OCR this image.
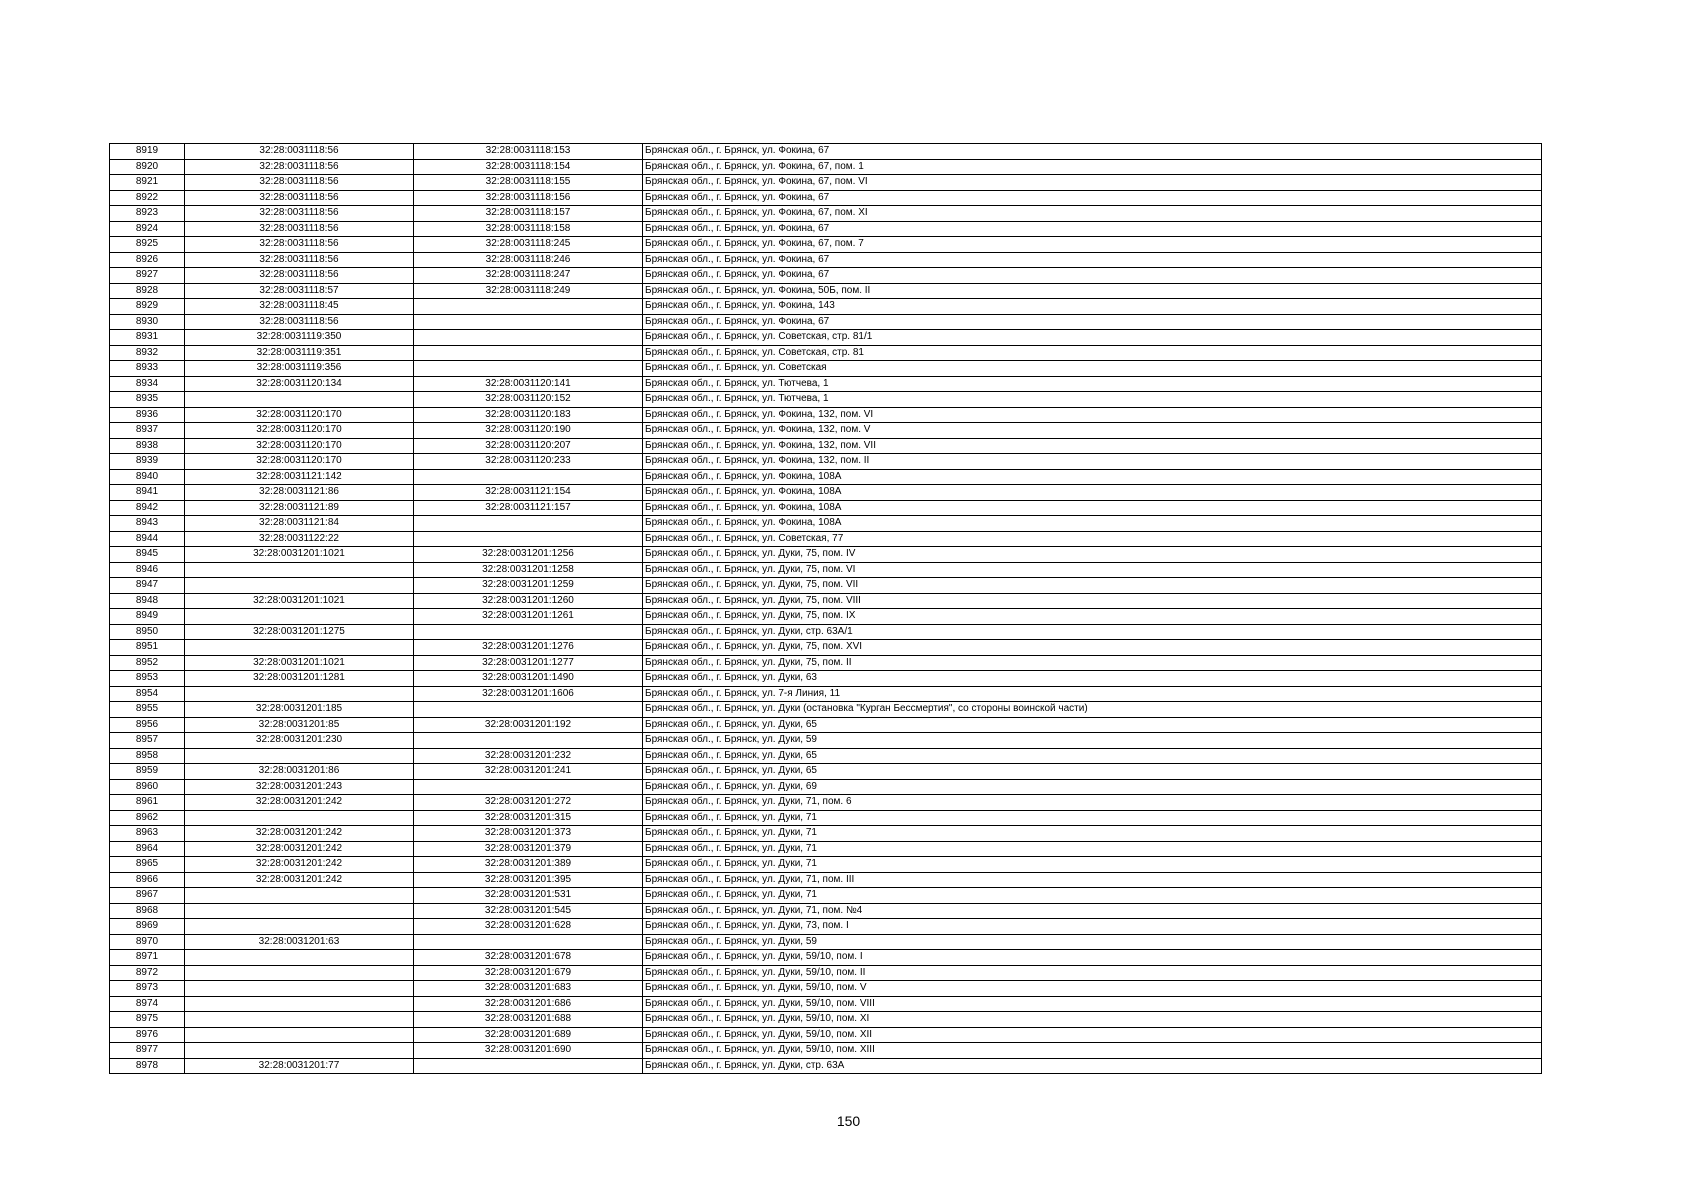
8919	32:28:0031118:56	32:28:0031118:153	Брянская обл., г. Брянск, ул. Фокина, 67
8920	32:28:0031118:56	32:28:0031118:154	Брянская обл., г. Брянск, ул. Фокина, 67, пом. 1
8921	32:28:0031118:56	32:28:0031118:155	Брянская обл., г. Брянск, ул. Фокина, 67, пом. VI
8922	32:28:0031118:56	32:28:0031118:156	Брянская обл., г. Брянск, ул. Фокина, 67
8923	32:28:0031118:56	32:28:0031118:157	Брянская обл., г. Брянск, ул. Фокина, 67, пом. XI
8924	32:28:0031118:56	32:28:0031118:158	Брянская обл., г. Брянск, ул. Фокина, 67
8925	32:28:0031118:56	32:28:0031118:245	Брянская обл., г. Брянск, ул. Фокина, 67, пом. 7
8926	32:28:0031118:56	32:28:0031118:246	Брянская обл., г. Брянск, ул. Фокина, 67
8927	32:28:0031118:56	32:28:0031118:247	Брянская обл., г. Брянск, ул. Фокина, 67
8928	32:28:0031118:57	32:28:0031118:249	Брянская обл., г. Брянск, ул. Фокина, 50Б, пом. II
8929	32:28:0031118:45		Брянская обл., г. Брянск, ул. Фокина, 143
8930	32:28:0031118:56		Брянская обл., г. Брянск, ул. Фокина, 67
8931	32:28:0031119:350		Брянская обл., г. Брянск, ул. Советская, стр. 81/1
8932	32:28:0031119:351		Брянская обл., г. Брянск, ул. Советская, стр. 81
8933	32:28:0031119:356		Брянская обл., г. Брянск, ул. Советская
8934	32:28:0031120:134	32:28:0031120:141	Брянская обл., г. Брянск, ул. Тютчева, 1
8935		32:28:0031120:152	Брянская обл., г. Брянск, ул. Тютчева, 1
8936	32:28:0031120:170	32:28:0031120:183	Брянская обл., г. Брянск, ул. Фокина, 132, пом. VI
8937	32:28:0031120:170	32:28:0031120:190	Брянская обл., г. Брянск, ул. Фокина, 132, пом. V
8938	32:28:0031120:170	32:28:0031120:207	Брянская обл., г. Брянск, ул. Фокина, 132, пом. VII
8939	32:28:0031120:170	32:28:0031120:233	Брянская обл., г. Брянск, ул. Фокина, 132, пом. II
8940	32:28:0031121:142		Брянская обл., г. Брянск, ул. Фокина, 108А
8941	32:28:0031121:86	32:28:0031121:154	Брянская обл., г. Брянск, ул. Фокина, 108А
8942	32:28:0031121:89	32:28:0031121:157	Брянская обл., г. Брянск, ул. Фокина, 108А
8943	32:28:0031121:84		Брянская обл., г. Брянск, ул. Фокина, 108А
8944	32:28:0031122:22		Брянская обл., г. Брянск, ул. Советская, 77
8945	32:28:0031201:1021	32:28:0031201:1256	Брянская обл., г. Брянск, ул. Дуки, 75, пом. IV
8946		32:28:0031201:1258	Брянская обл., г. Брянск, ул. Дуки, 75, пом. VI
8947		32:28:0031201:1259	Брянская обл., г. Брянск, ул. Дуки, 75, пом. VII
8948	32:28:0031201:1021	32:28:0031201:1260	Брянская обл., г. Брянск, ул. Дуки, 75, пом. VIII
8949		32:28:0031201:1261	Брянская обл., г. Брянск, ул. Дуки, 75, пом. IX
8950	32:28:0031201:1275		Брянская обл., г. Брянск, ул. Дуки, стр. 63А/1
8951		32:28:0031201:1276	Брянская обл., г. Брянск, ул. Дуки, 75, пом. XVI
8952	32:28:0031201:1021	32:28:0031201:1277	Брянская обл., г. Брянск, ул. Дуки, 75, пом. II
8953	32:28:0031201:1281	32:28:0031201:1490	Брянская обл., г. Брянск, ул. Дуки, 63
8954		32:28:0031201:1606	Брянская обл., г. Брянск, ул. 7-я Линия, 11
8955	32:28:0031201:185		Брянская обл., г. Брянск, ул. Дуки (остановка "Курган Бессмертия", со стороны воинской части)
8956	32:28:0031201:85	32:28:0031201:192	Брянская обл., г. Брянск, ул. Дуки, 65
8957	32:28:0031201:230		Брянская обл., г. Брянск, ул. Дуки, 59
8958		32:28:0031201:232	Брянская обл., г. Брянск, ул. Дуки, 65
8959	32:28:0031201:86	32:28:0031201:241	Брянская обл., г. Брянск, ул. Дуки, 65
8960	32:28:0031201:243		Брянская обл., г. Брянск, ул. Дуки, 69
8961	32:28:0031201:242	32:28:0031201:272	Брянская обл., г. Брянск, ул. Дуки, 71, пом. 6
8962		32:28:0031201:315	Брянская обл., г. Брянск, ул. Дуки, 71
8963	32:28:0031201:242	32:28:0031201:373	Брянская обл., г. Брянск, ул. Дуки, 71
8964	32:28:0031201:242	32:28:0031201:379	Брянская обл., г. Брянск, ул. Дуки, 71
8965	32:28:0031201:242	32:28:0031201:389	Брянская обл., г. Брянск, ул. Дуки, 71
8966	32:28:0031201:242	32:28:0031201:395	Брянская обл., г. Брянск, ул. Дуки, 71, пом. III
8967		32:28:0031201:531	Брянская обл., г. Брянск, ул. Дуки, 71
8968		32:28:0031201:545	Брянская обл., г. Брянск, ул. Дуки, 71, пом. №4
8969		32:28:0031201:628	Брянская обл., г. Брянск, ул. Дуки, 73, пом. I
8970	32:28:0031201:63		Брянская обл., г. Брянск, ул. Дуки, 59
8971		32:28:0031201:678	Брянская обл., г. Брянск, ул. Дуки, 59/10, пом. I
8972		32:28:0031201:679	Брянская обл., г. Брянск, ул. Дуки, 59/10, пом. II
8973		32:28:0031201:683	Брянская обл., г. Брянск, ул. Дуки, 59/10, пом. V
8974		32:28:0031201:686	Брянская обл., г. Брянск, ул. Дуки, 59/10, пом. VIII
8975		32:28:0031201:688	Брянская обл., г. Брянск, ул. Дуки, 59/10, пом. XI
8976		32:28:0031201:689	Брянская обл., г. Брянск, ул. Дуки, 59/10, пом. XII
8977		32:28:0031201:690	Брянская обл., г. Брянск, ул. Дуки, 59/10, пом. XIII
8978	32:28:0031201:77		Брянская обл., г. Брянск, ул. Дуки, стр. 63А
150
